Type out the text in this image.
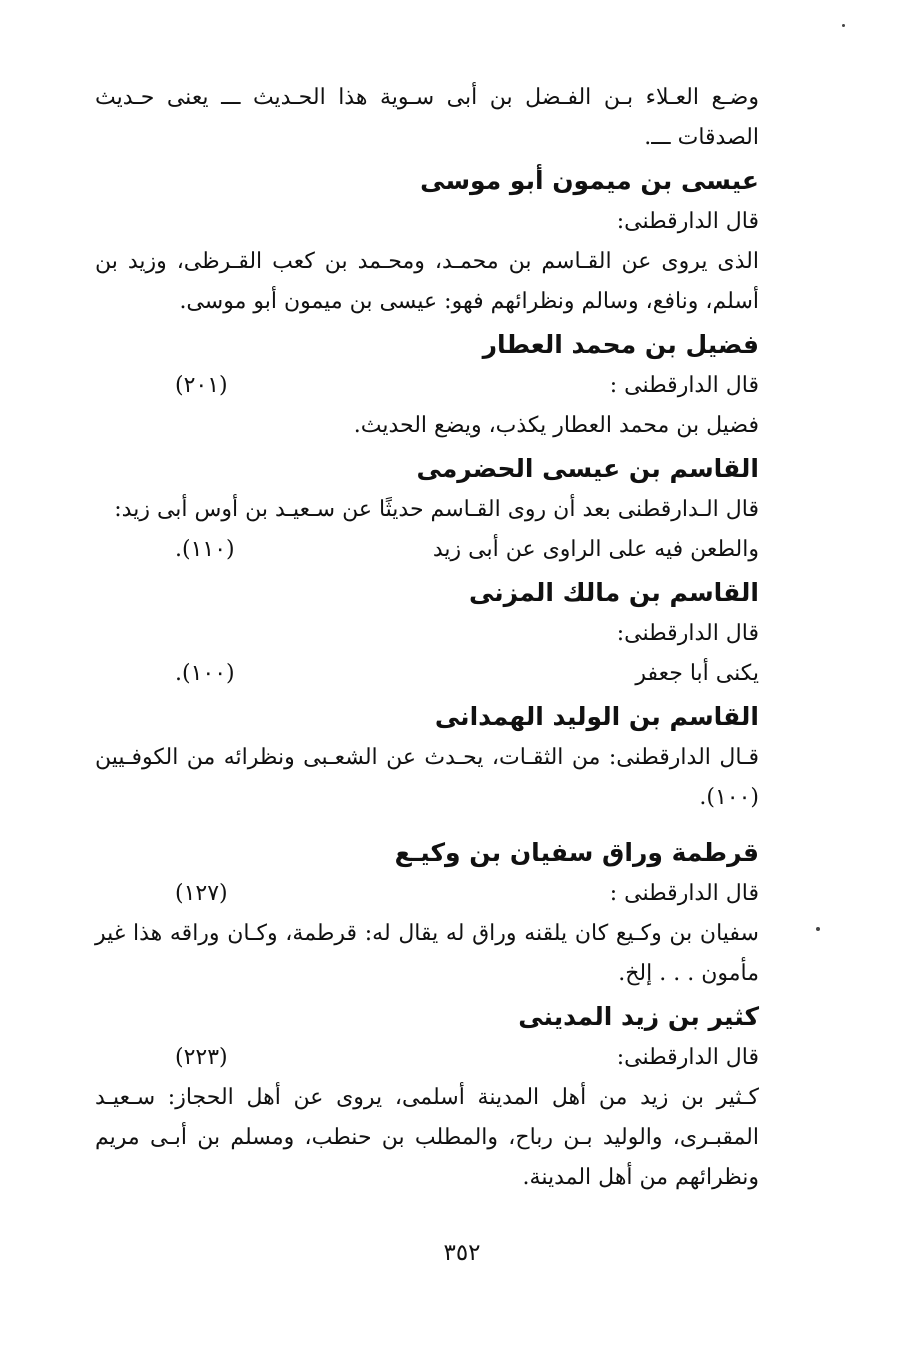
وضـع العـلاء بـن الفـضل بن أبى سـوية هذا الحـديث ـــ يعنى حـديث الصدقات ـــ.

عيسى بن ميمون أبو موسى

قال الدارقطنى:

الذى يروى عن القـاسم بن محمـد، ومحـمد بن كعب القـرظى، وزيد بن أسلم، ونافع، وسالم ونظرائهم فهو: عيسى بن ميمون أبو موسى.

فضيل بن محمد العطار
قال الدارقطنى :
(٢٠١)

فضيل بن محمد العطار يكذب، ويضع الحديث.

القاسم بن عيسى الحضرمى

قال الـدارقطنى بعد أن روى القـاسم حديثًا عن سـعيـد بن أوس أبى زيد:

والطعن فيه على الراوى عن أبى زيد
(١١٠).
القاسم بن مالك المزنى

قال الدارقطنى:

يكنى أبا جعفر
(١٠٠).
القاسم بن الوليد الهمدانى

قـال الدارقطنى: من الثقـات، يحـدث عن الشعـبى ونظرائه من الكوفـيين (١٠٠).

قرطمة وراق سفيان بن وكيـع
قال الدارقطنى :
(١٢٧)

سفيان بن وكـيع كان يلقنه وراق له يقال له: قرطمة، وكـان وراقه هذا غير مأمون . . . إلخ.

كثير بن زيد المدينى
قال الدارقطنى:
(٢٢٣)

كـثير بن زيد من أهل المدينة أسلمى، يروى عن أهل الحجاز: سـعيـد المقبـرى، والوليد بـن رباح، والمطلب بن حنطب، ومسلم بن أبـى مريم ونظرائهم من أهل المدينة.

٣٥٢
